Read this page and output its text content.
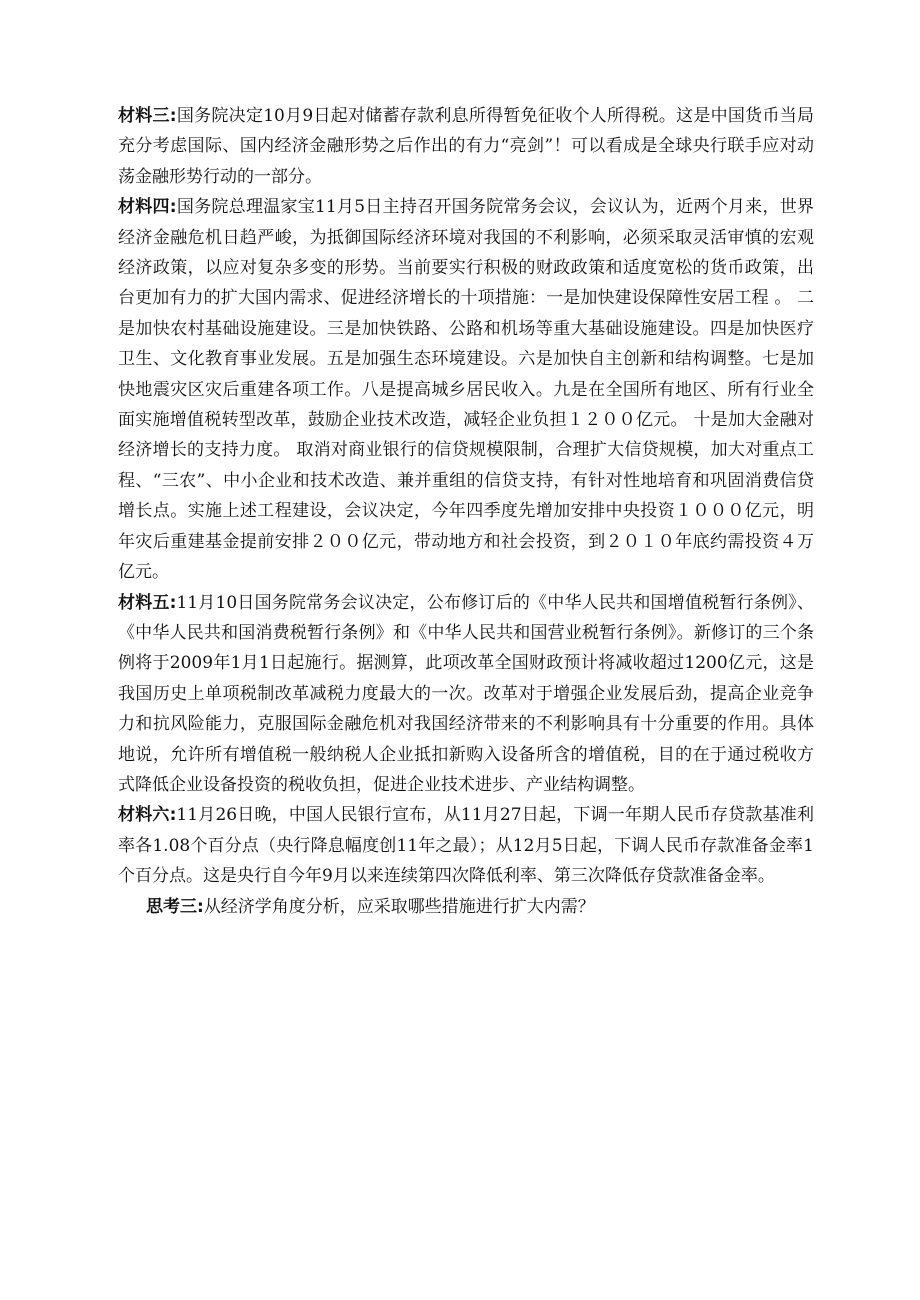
材料三:国务院决定10月9日起对储蓄存款利息所得暂免征收个人所得税。这是中国货币当局充分考虑国际、国内经济金融形势之后作出的有力“亮剑”！可以看成是全球央行联手应对动荡金融形势行动的一部分。

材料四:国务院总理温家宝11月5日主持召开国务院常务会议，会议认为，近两个月来，世界经济金融危机日趋严峻，为抵御国际经济环境对我国的不利影响，必须采取灵活审慎的宏观经济政策，以应对复杂多变的形势。当前要实行积极的财政政策和适度宽松的货币政策，出台更加有力的扩大国内需求、促进经济增长的十项措施：一是加快建设保障性安居工程 。 二是加快农村基础设施建设。三是加快铁路、公路和机场等重大基础设施建设。四是加快医疗卫生、文化教育事业发展。五是加强生态环境建设。六是加快自主创新和结构调整。七是加快地震灾区灾后重建各项工作。八是提高城乡居民收入。九是在全国所有地区、所有行业全面实施增值税转型改革，鼓励企业技术改造，减轻企业负担１２００亿元。 十是加大金融对经济增长的支持力度。 取消对商业银行的信贷规模限制，合理扩大信贷规模，加大对重点工程、“三农”、中小企业和技术改造、兼并重组的信贷支持，有针对性地培育和巩固消费信贷增长点。实施上述工程建设，会议决定，今年四季度先增加安排中央投资１０００亿元，明年灾后重建基金提前安排２００亿元，带动地方和社会投资，到２０１０年底约需投资４万亿元。

材料五:11月10日国务院常务会议决定，公布修订后的《中华人民共和国增值税暂行条例》、《中华人民共和国消费税暂行条例》和《中华人民共和国营业税暂行条例》。新修订的三个条例将于2009年1月1日起施行。据测算，此项改革全国财政预计将减收超过1200亿元，这是我国历史上单项税制改革减税力度最大的一次。改革对于增强企业发展后劲，提高企业竞争力和抗风险能力，克服国际金融危机对我国经济带来的不利影响具有十分重要的作用。具体地说，允许所有增值税一般纳税人企业抵扣新购入设备所含的增值税，目的在于通过税收方式降低企业设备投资的税收负担，促进企业技术进步、产业结构调整。

材料六:11月26日晚，中国人民银行宣布，从11月27日起，下调一年期人民币存贷款基准利率各1.08个百分点（央行降息幅度创11年之最）；从12月5日起，下调人民币存款准备金率1个百分点。这是央行自今年9月以来连续第四次降低利率、第三次降低存贷款准备金率。

思考三:从经济学角度分析，应采取哪些措施进行扩大内需？
